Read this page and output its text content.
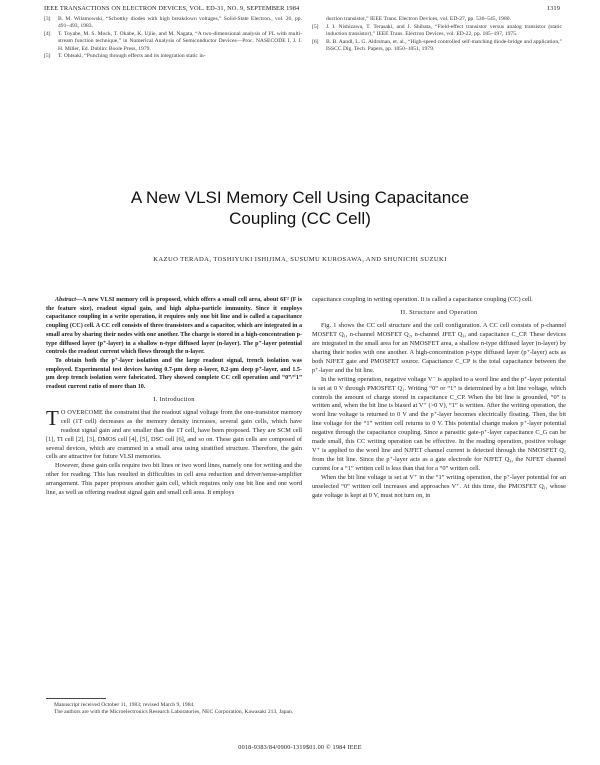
IEEE TRANSACTIONS ON ELECTRON DEVICES, VOL. ED-31, NO. 9, SEPTEMBER 1984	1319
[3]	B. M. Wilamowski, “Schottky diodes with high breakdown voltages,” Solid-State Electron., vol. 26, pp. 491–493, 1983.
[4]	T. Toyabe, M. S. Mock, T. Okabe, K. Ujiie, and M. Nagata, “A two-dimensional analysis of I²L with multi-stream function technique,” in Numerical Analysis of Semiconductor Devices—Proc. NASECODE I, J. J. H. Miller, Ed. Dublin: Boole Press, 1979.
[5]	T. Ohtsuki, “Punching through effects and its integration static in-
duction transistor,” IEEE Trans. Electron Devices, vol. ED-27, pp. 536–545, 1980.
[5]	J. I. Nishizawa, T. Terasaki, and J. Shibata, “Field-effect transistor versus analog transistor (static induction transistor),” IEEE Trans. Electron Devices, vol. ED-22, pp. 185–197, 1975.
[6]	B. B. Aandl, L. G. Aldrsman, et. al., “High-speed controlled self-matching diode-bridge and application,” ISSCC Dig. Tech. Papers, pp. 1050–1051, 1979.
A New VLSI Memory Cell Using Capacitance
Coupling (CC Cell)
KAZUO TERADA, TOSHIYUKI ISHIJIMA, SUSUMU KUROSAWA, AND SHUNICHI SUZUKI

Abstract—A new VLSI memory cell is proposed, which offers a small cell area, about 6F² (F is the feature size), readout signal gain, and high alpha-particle immunity. Since it employs capacitance coupling in a write operation, it requires only one bit line and is called a capacitance coupling (CC) cell. A CC cell consists of three transistors and a capacitor, which are integrated in a small area by sharing their nodes with one another. The charge is stored in a high-concentration p-type diffused layer (p⁺-layer) in a shallow n-type diffused layer (n-layer). The p⁺-layer potential controls the readout current which flows through the n-layer.

To obtain both the p⁺-layer isolation and the large readout signal, trench isolation was employed. Experimental test devices having 0.7-μm deep n-layer, 0.2-μm deep p⁺-layer, and 1.5-μm deep trench isolation were fabricated. They showed complete CC cell operation and “0”/“1” readout current ratio of more than 10.

I. Introduction

T O OVERCOME the constraint that the readout signal voltage from the one-transistor memory cell (1T cell) decreases as the memory density increases, several gain cells, which have readout signal gain and are smaller than the 1T cell, have been proposed. They are SCM cell [1], TI cell [2], [3], DMOS cell [4], [5], DSC cell [6], and so on. These gain cells are composed of several devices, which are crammed in a small area using stratified structure. Therefore, the gain cells are attractive for future VLSI memories.

However, these gain cells require two bit lines or two word lines, namely one for writing and the other for reading. This has resulted in difficulties in cell area reduction and driver/sense-amplifier arrangement. This paper proposes another gain cell, which requires only one bit line and one word line, as well as offering readout signal gain and small cell area. It employs

capacitance coupling in writing operation. It is called a capacitance coupling (CC) cell.

II. Structure and Operation

Fig. 1 shows the CC cell structure and the cell configuration. A CC cell consists of p-channel MOSFET Q₁, n-channel MOSFET Q₂, n-channel JFET Q₃, and capacitance C_CP. These devices are integrated in the small area for an NMOSFET area, a shallow n-type diffused layer (n-layer) by sharing their nodes with one another. A high-concentration p-type diffused layer (p⁺-layer) acts as both NJFET gate and PMOSFET source. Capacitance C_CP is the total capacitance between the p⁺-layer and the bit line.

In the writing operation, negative voltage V⁻ is applied to a word line and the p⁺-layer potential is set at 0 V through PMOSFET Q₁. Writing “0” or “1” is determined by a bit line voltage, which controls the amount of charge stored in capacitance C_CP. When the bit line is grounded, “0” is written and, when the bit line is biased at V⁺ (>0 V), “1” is written. After the writing operation, the word line voltage is returned to 0 V and the p⁺-layer becomes electrically floating. Then, the bit line voltage for the “1” written cell returns to 0 V. This potential change makes p⁺-layer potential negative through the capacitance coupling. Since a parasitic gate-p⁺-layer capacitance C_G can be made small, this CC writing operation can be effective. In the reading operation, positive voltage V⁺ is applied to the word line and NJFET channel current is detected through the NMOSFET Q₂ from the bit line. Since the p⁺-layer acts as a gate electrode for NJFET Q₃, the NJFET channel current for a “1” written cell is less than that for a “0” written cell.

When the bit line voltage is set at V⁺ in the “1” writing operation, the p⁺-layer potential for an unselected “0” written cell increases and approaches V⁺. At this time, the PMOSFET Q₁, whose gate voltage is kept at 0 V, must not turn on, in

Manuscript received October 11, 1983; revised March 9, 1984.

The authors are with the Microelectronics Research Laboratories, NEC Corporation, Kawasaki 213, Japan.

0018-9383/84/0900-1319$01.00 © 1984 IEEE
